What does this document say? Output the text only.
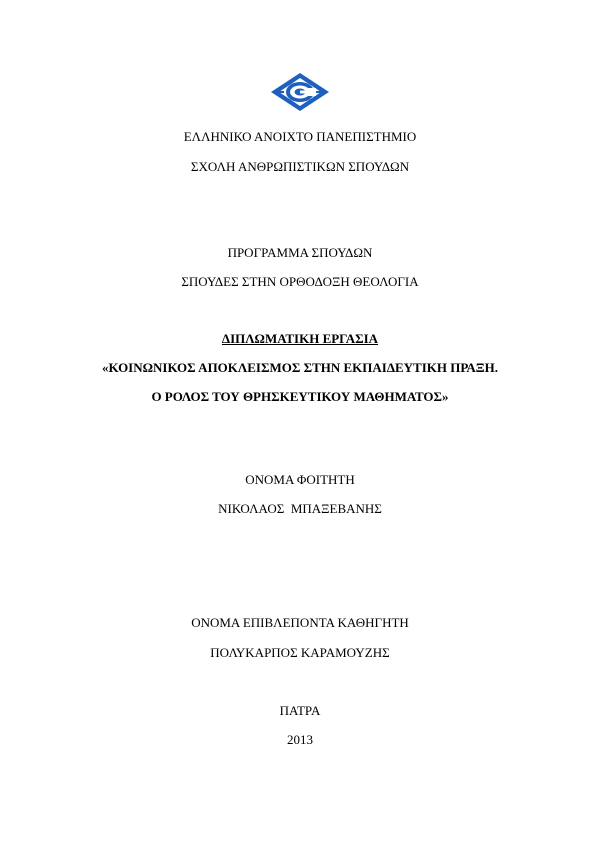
ΕΛΛΗΝΙΚΟ ΑΝΟΙΧΤΟ ΠΑΝΕΠΙΣΤΗΜΙΟ
ΣΧΟΛΗ ΑΝΘΡΩΠΙΣΤΙΚΩΝ ΣΠΟΥΔΩΝ
ΠΡΟΓΡΑΜΜΑ ΣΠΟΥΔΩΝ
ΣΠΟΥΔΕΣ ΣΤΗΝ ΟΡΘΟΔΟΞΗ ΘΕΟΛΟΓΙΑ
ΔΙΠΛΩΜΑΤΙΚΗ ΕΡΓΑΣΙΑ
«ΚΟΙΝΩΝΙΚΟΣ ΑΠΟΚΛΕΙΣΜΟΣ ΣΤΗΝ ΕΚΠΑΙΔΕΥΤΙΚΗ ΠΡΑΞΗ.
Ο ΡΟΛΟΣ ΤΟΥ ΘΡΗΣΚΕΥΤΙΚΟΥ ΜΑΘΗΜΑΤΟΣ»
ΟΝΟΜΑ ΦΟΙΤΗΤΗ
ΝΙΚΟΛΑΟΣ  ΜΠΑΞΕΒΑΝΗΣ
ΟΝΟΜΑ ΕΠΙΒΛΕΠΟΝΤΑ ΚΑΘΗΓΗΤΗ
ΠΟΛΥΚΑΡΠΟΣ ΚΑΡΑΜΟΥΖΗΣ
ΠΑΤΡΑ
2013
